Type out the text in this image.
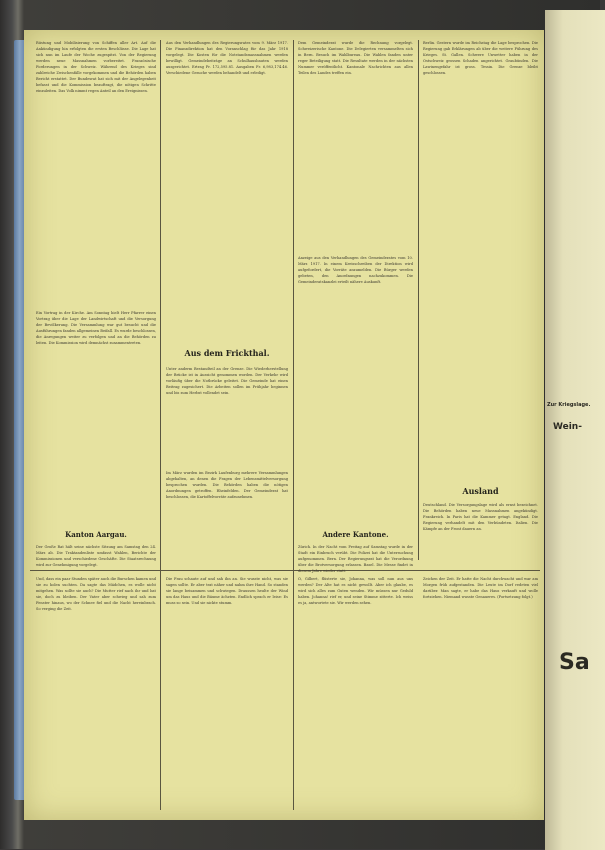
Zur Kriegslage.
Wein-
Sa

Rüstung und Mobilisierung von Schiffen aller Art. Auf die Ankündigung hin erfolgten die ersten Beschlüsse. Die Lage hat sich nun im Laufe der Woche zugespitzt. Von der Regierung werden neue Massnahmen vorbereitet. Französische Forderungen in der Schweiz. Während des Krieges sind zahlreiche Zwischenfälle vorgekommen und die Behörden haben Bericht erstattet. Der Bundesrat hat sich mit der Angelegenheit befasst und die Kommission beauftragt, die nötigen Schritte einzuleiten. Das Volk nimmt regen Anteil an den Ereignissen.

Ein Vortrag in der Kirche. Am Sonntag hielt Herr Pfarrer einen Vortrag über die Lage der Landwirtschaft und die Versorgung der Bevölkerung. Die Versammlung war gut besucht und die Ausführungen fanden allgemeinen Beifall. Es wurde beschlossen, die Anregungen weiter zu verfolgen und an die Behörden zu leiten. Die Kommission wird demnächst zusammentreten.

Kanton Aargau.

Der Große Rat hält seine nächste Sitzung am Samstag den 24. März ab. Die Traktandenliste umfasst Wahlen, Berichte der Kommissionen und verschiedene Geschäfte. Die Staatsrechnung wird zur Genehmigung vorgelegt.

Aus den Verhandlungen des Regierungsrates vom 9. März 1917. Die Finanzdirektion hat den Voranschlag für das Jahr 1918 vorgelegt. Die Kosten für die Notstandsmassnahmen werden bewilligt. Gemeindebeiträge an Schulhausbauten werden ausgerichtet. Ertrag Fr. 172,595.81. Ausgaben Fr. 6,983,174.46. Verschiedene Gesuche werden behandelt und erledigt.

Aus dem Frickthal.

Unter anderm Bestandteil an der Grenze. Die Wiederherstellung der Brücke ist in Aussicht genommen worden. Der Verkehr wird vorläufig über die Notbrücke geleitet. Die Gemeinde hat einen Beitrag zugesichert. Die Arbeiten sollen im Frühjahr beginnen und bis zum Herbst vollendet sein.

Im März wurden im Bezirk Laufenburg mehrere Versammlungen abgehalten, an denen die Fragen der Lebensmittelversorgung besprochen wurden. Die Behörden haben die nötigen Anordnungen getroffen. Rheinfelden. Der Gemeinderat hat beschlossen, die Kartoffelvorräte aufzunehmen.

Dem Gemeinderat wurde die Rechnung vorgelegt. Schweizerische Kantone. Die Delegierten versammelten sich in Bern. Besuch im Wahlbureau. Die Wahlen fanden unter reger Beteiligung statt. Die Resultate werden in der nächsten Nummer veröffentlicht. Kantonale Nachrichten aus allen Teilen des Landes treffen ein.

Anzeige aus den Verhandlungen des Gemeinderates vom 10. März 1917. In einem Kreisschreiben der Direktion wird aufgefordert, die Vorräte anzumelden. Die Bürger werden gebeten, den Anordnungen nachzukommen. Die Gemeinderatskanzlei erteilt nähere Auskunft.

Andere Kantone.

Zürich. In der Nacht vom Freitag auf Samstag wurde in der Stadt ein Einbruch verübt. Die Polizei hat die Untersuchung aufgenommen. Bern. Der Regierungsrat hat die Verordnung über die Brotversorgung erlassen. Basel. Die Messe findet in diesem Jahre wieder statt.

Berlin. Gestern wurde im Reichstag die Lage besprochen. Die Regierung gab Erklärungen ab über die weitere Führung des Krieges. St. Gallen. Schwere Unwetter haben in der Ostschweiz grossen Schaden angerichtet. Graubünden. Die Lawinengefahr ist gross. Tessin. Die Grenze bleibt geschlossen.

Ausland

Deutschland. Die Versorgungslage wird als ernst bezeichnet. Die Behörden haben neue Massnahmen angekündigt. Frankreich. In Paris hat die Kammer getagt. England. Die Regierung verhandelt mit den Verbündeten. Italien. Die Kämpfe an der Front dauern an.

Und, dass ein paar Stunden später auch die Burschen kamen und sie zu holen suchten. Da sagte das Mädchen, es wolle nicht mitgehen. Was sollte sie auch? Die Mutter rief nach ihr und bat sie, doch zu bleiben. Der Vater aber schwieg und sah zum Fenster hinaus, wo der Schnee fiel und die Nacht hereinbrach. So verging die Zeit.

Die Frau schaute auf und sah ihn an. Sie wusste nicht, was sie sagen sollte. Er aber trat näher und nahm ihre Hand. So standen sie lange beisammen und schwiegen. Draussen heulte der Wind um das Haus und die Bäume ächzten. Endlich sprach er leise: Es muss so sein. Und sie nickte stumm.

O, Gilbert, flüsterte sie, Johanna, was soll nun aus uns werden? Der Alte hat es nicht gewollt. Aber ich glaube, es wird sich alles zum Guten wenden. Wir müssen nur Geduld haben. Johanna! rief er, und seine Stimme zitterte. Ich weiss es ja, antwortete sie. Wir werden sehen.

Zeichen der Zeit. Er hatte die Nacht durchwacht und war am Morgen früh aufgestanden. Die Leute im Dorf redeten viel darüber. Man sagte, er habe das Haus verkauft und wolle fortziehen. Niemand wusste Genaueres. (Fortsetzung folgt.)
